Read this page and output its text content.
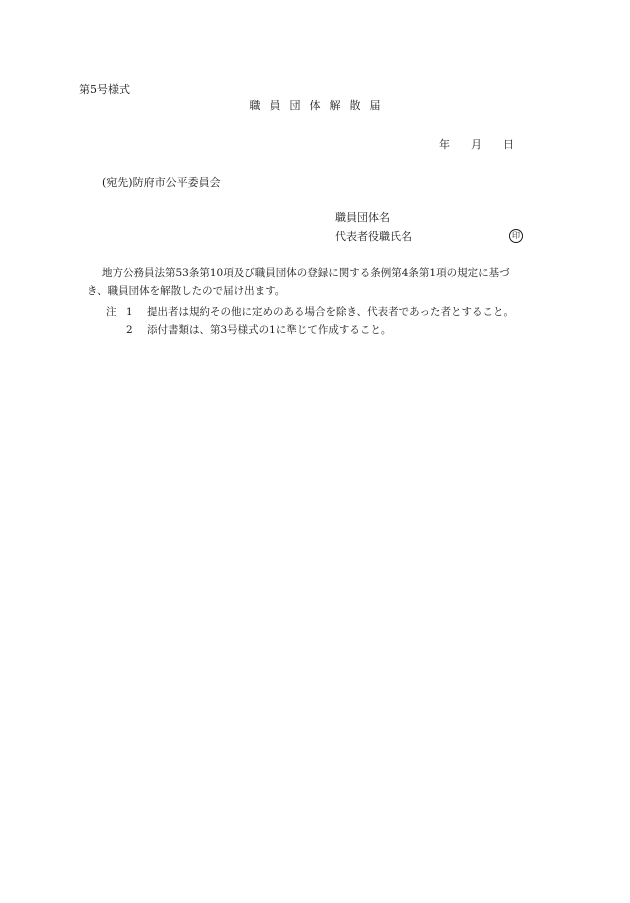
第5号様式
職 員 団 体 解 散 届
年 月 日
(宛先)防府市公平委員会
職員団体名
代表者役職氏名	印
地方公務員法第53条第10項及び職員団体の登録に関する条例第4条第1項の規定に基づ
き、職員団体を解散したので届け出ます。
注 1 提出者は規約その他に定めのある場合を除き、代表者であった者とすること。
2 添付書類は、第3号様式の1に準じて作成すること。
